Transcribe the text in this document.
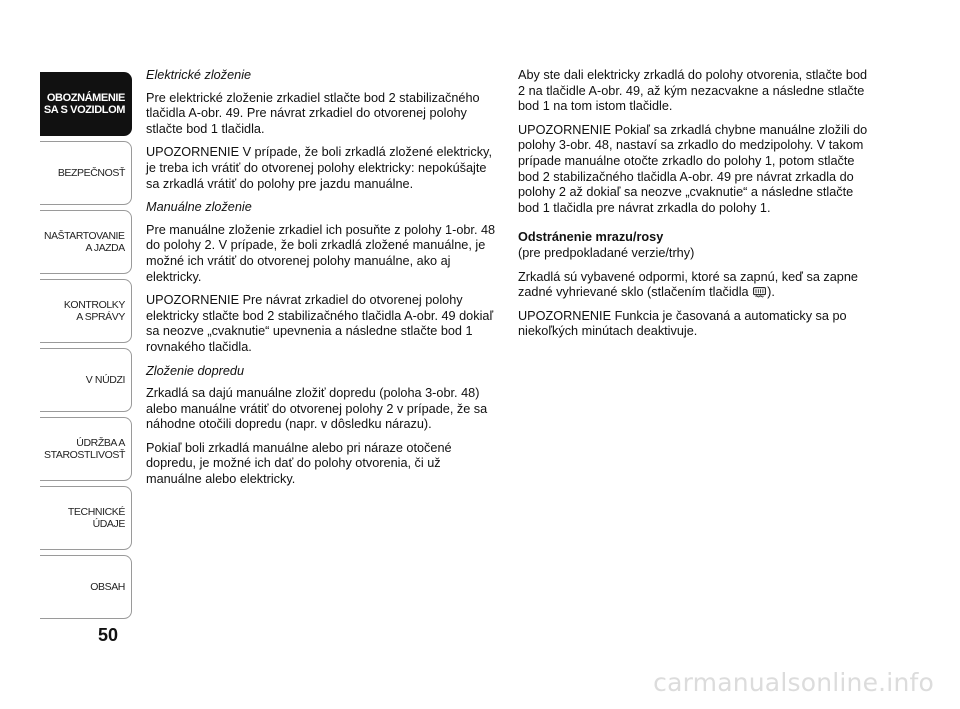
OBOZNÁMENIE
SA S VOZIDLOM
BEZPEČNOSŤ
NAŠTARTOVANIE
A JAZDA
KONTROLKY
A SPRÁVY
V NÚDZI
ÚDRŽBA A
STAROSTLIVOSŤ
TECHNICKÉ
ÚDAJE
OBSAH
50

Elektrické zloženie

Pre elektrické zloženie zrkadiel stlačte bod 2 stabilizačného tlačidla A-obr. 49. Pre návrat zrkadiel do otvorenej polohy stlačte bod 1 tlačidla.

UPOZORNENIE V prípade, že boli zrkadlá zložené elektricky, je treba ich vrátiť do otvorenej polohy elektricky: nepokúšajte sa zrkadlá vrátiť do polohy pre jazdu manuálne.

Manuálne zloženie

Pre manuálne zloženie zrkadiel ich posuňte z polohy 1-obr. 48 do polohy 2. V prípade, že boli zrkadlá zložené manuálne, je možné ich vrátiť do otvorenej polohy manuálne, ako aj elektricky.

UPOZORNENIE Pre návrat zrkadiel do otvorenej polohy elektricky stlačte bod 2 stabilizačného tlačidla A-obr. 49 dokiaľ sa neozve „cvaknutie“ upevnenia a následne stlačte bod 1 rovnakého tlačidla.

Zloženie dopredu

Zrkadlá sa dajú manuálne zložiť dopredu (poloha 3-obr. 48) alebo manuálne vrátiť do otvorenej polohy 2 v prípade, že sa náhodne otočili dopredu (napr. v dôsledku nárazu).

Pokiaľ boli zrkadlá manuálne alebo pri náraze otočené dopredu, je možné ich dať do polohy otvorenia, či už manuálne alebo elektricky.

Aby ste dali elektricky zrkadlá do polohy otvorenia, stlačte bod 2 na tlačidle A-obr. 49, až kým nezacvakne a následne stlačte bod 1 na tom istom tlačidle.

UPOZORNENIE Pokiaľ sa zrkadlá chybne manuálne zložili do polohy 3-obr. 48, nastaví sa zrkadlo do medzipolohy. V takom prípade manuálne otočte zrkadlo do polohy 1, potom stlačte bod 2 stabilizačného tlačidla A-obr. 49 pre návrat zrkadla do polohy 2 až dokiaľ sa neozve „cvaknutie“ a následne stlačte bod 1 tlačidla pre návrat zrkadla do polohy 1.

Odstránenie mrazu/rosy

(pre predpokladané verzie/trhy)

Zrkadlá sú vybavené odpormi, ktoré sa zapnú, keď sa zapne zadné vyhrievané sklo (stlačením tlačidla ).

UPOZORNENIE Funkcia je časovaná a automaticky sa po niekoľkých minútach deaktivuje.

carmanualsonline.info
